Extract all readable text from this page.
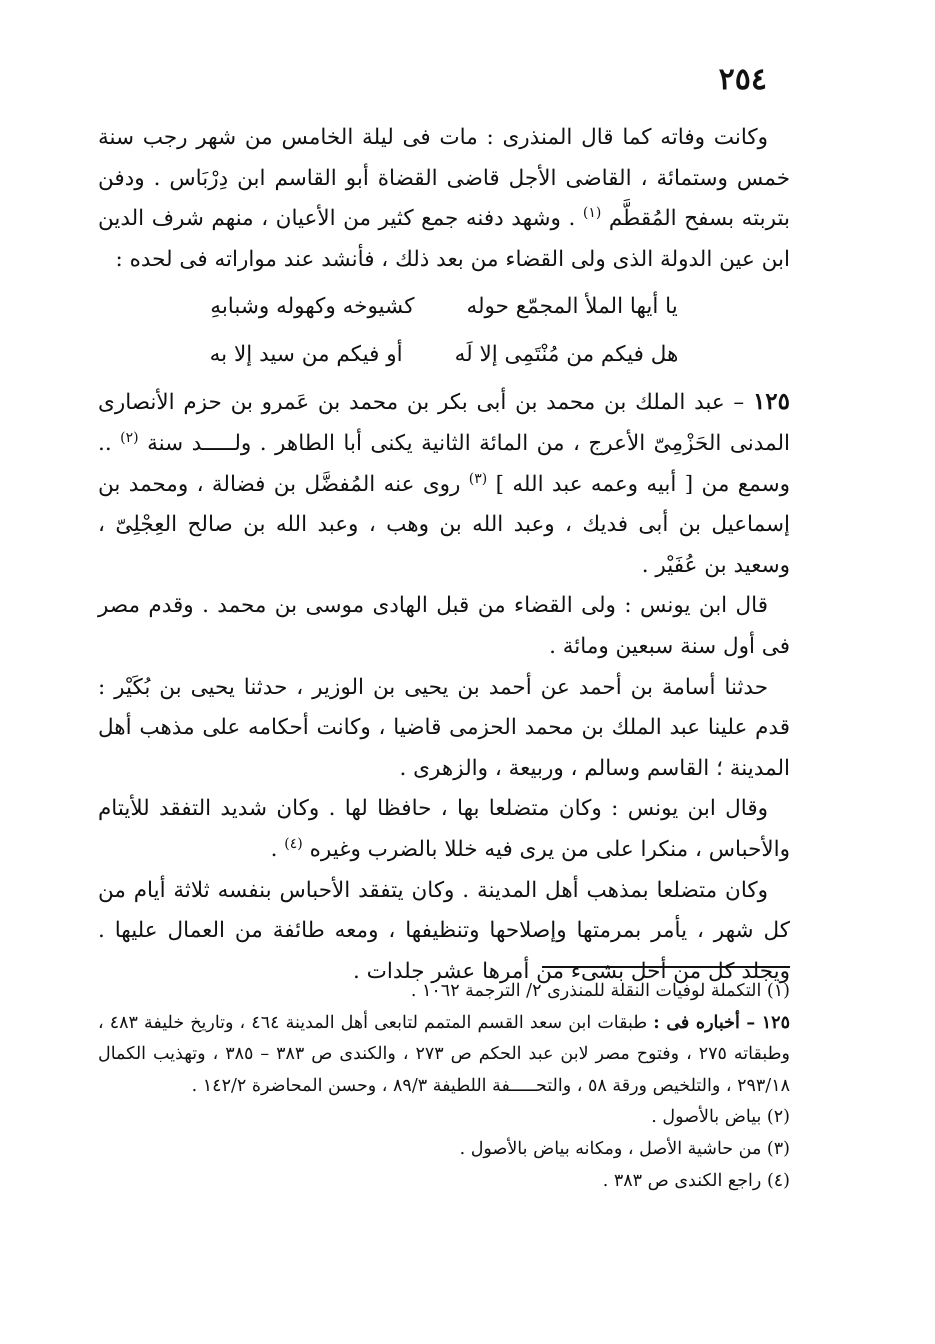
٢٥٤

وكانت وفاته كما قال المنذرى : مات فى ليلة الخامس من شهر رجب سنة خمس وستمائة ، القاضى الأجل قاضى القضاة أبو القاسم ابن دِرْبَاس . ودفن بتربته بسفح المُقطَّم $^{(١)}$ . وشهد دفنه جمع كثير من الأعيان ، منهم شرف الدين ابن عين الدولة الذى ولى القضاء من بعد ذلك ، فأنشد عند مواراته فى لحده :

يا أيها الملأ المجمّع حوله
كشيوخه وكهوله وشبابهِ
هل فيكم من مُنْتَمِى إلا لَه
أو فيكم من سيد إلا به

١٢٥ – عبد الملك بن محمد بن أبى بكر بن محمد بن عَمرو بن حزم الأنصارى المدنى الحَزْمِىّ الأعرج ، من المائة الثانية يكنى أبا الطاهر . ولـــــد سنة $^{(٢)}$ .. وسمع من [ أبيه وعمه عبد الله ] $^{(٣)}$ روى عنه المُفضَّل بن فضالة ، ومحمد بن إسماعيل بن أبى فديك ، وعبد الله بن وهب ، وعبد الله بن صالح العِجْلِىّ ، وسعيد بن عُفَيْر .

قال ابن يونس : ولى القضاء من قبل الهادى موسى بن محمد . وقدم مصر فى أول سنة سبعين ومائة .

حدثنا أسامة بن أحمد عن أحمد بن يحيى بن الوزير ، حدثنا يحيى بن بُكَيْر : قدم علينا عبد الملك بن محمد الحزمى قاضيا ، وكانت أحكامه على مذهب أهل المدينة ؛ القاسم وسالم ، وربيعة ، والزهرى .

وقال ابن يونس : وكان متضلعا بها ، حافظا لها . وكان شديد التفقد للأيتام والأحباس ، منكرا على من يرى فيه خللا بالضرب وغيره $^{(٤)}$ .

وكان متضلعا بمذهب أهل المدينة . وكان يتفقد الأحباس بنفسه ثلاثة أيام من كل شهر ، يأمر بمرمتها وإصلاحها وتنظيفها ، ومعه طائفة من العمال عليها . ويجلد كل من أخل بشىء من أمرها عشر جلدات .

(١) التكملة لوفيات النقلة للمنذرى ٢/ الترجمة ١٠٦٢ .

١٢٥ – أخباره فى : طبقات ابن سعد القسم المتمم لتابعى أهل المدينة ٤٦٤ ، وتاريخ خليفة ٤٨٣ ، وطبقاته ٢٧٥ ، وفتوح مصر لابن عبد الحكم ص ٢٧٣ ، والكندى ص ٣٨٣ – ٣٨٥ ، وتهذيب الكمال ٢٩٣/١٨ ، والتلخيص ورقة ٥٨ ، والتحـــــفة اللطيفة ٨٩/٣ ، وحسن المحاضرة ١٤٢/٢ .

(٢) بياض بالأصول .

(٣) من حاشية الأصل ، ومكانه بياض بالأصول .

(٤) راجع الكندى ص ٣٨٣ .
